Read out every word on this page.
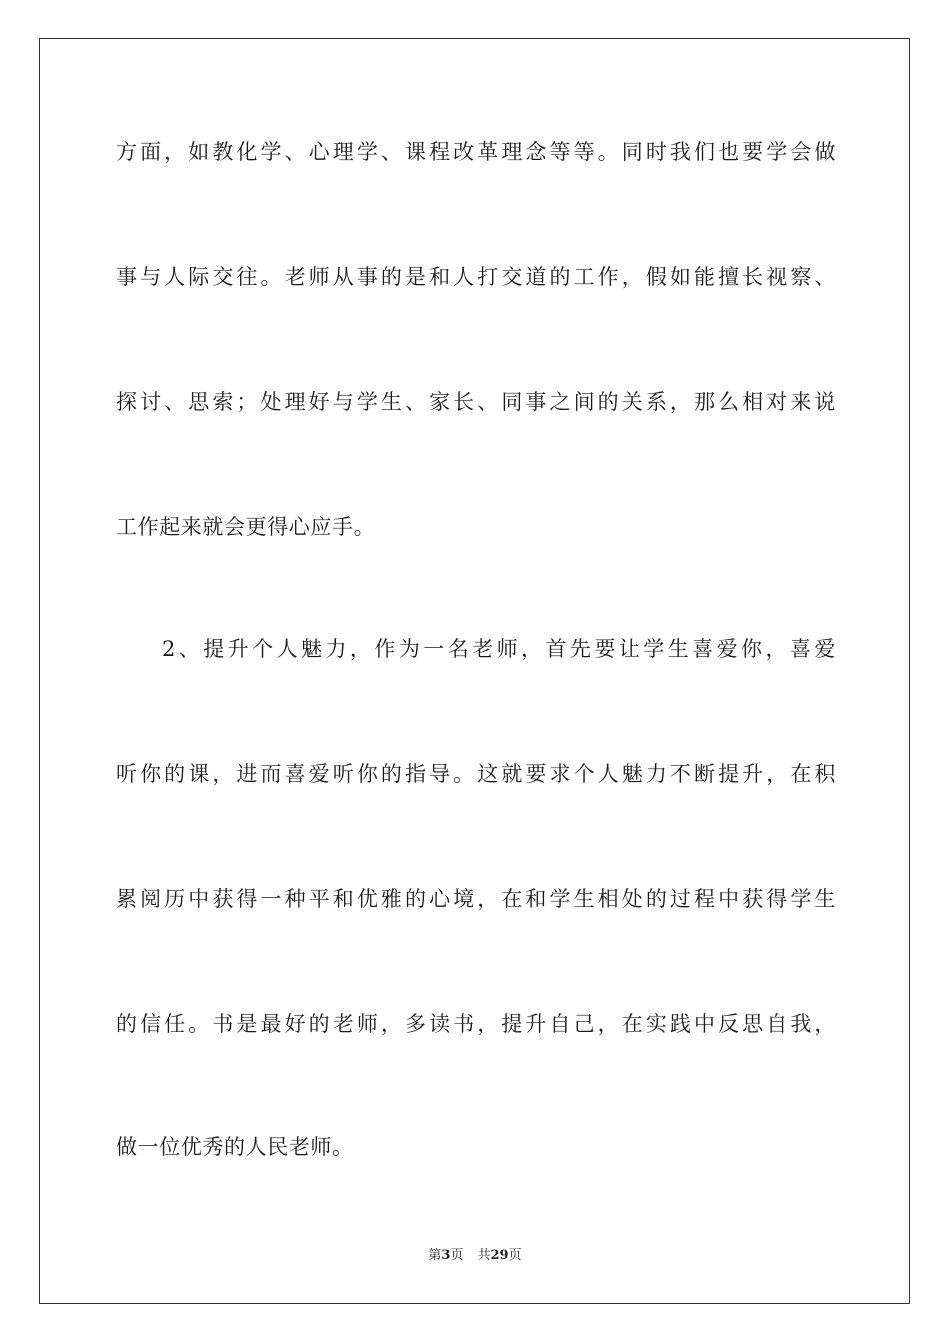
方面，如教化学、心理学、课程改革理念等等。同时我们也要学会做
事与人际交往。老师从事的是和人打交道的工作，假如能擅长视察、
探讨、思索；处理好与学生、家长、同事之间的关系，那么相对来说
工作起来就会更得心应手。
2、提升个人魅力，作为一名老师，首先要让学生喜爱你，喜爱
听你的课，进而喜爱听你的指导。这就要求个人魅力不断提升，在积
累阅历中获得一种平和优雅的心境，在和学生相处的过程中获得学生
的信任。书是最好的老师，多读书，提升自己，在实践中反思自我，
做一位优秀的人民老师。
第3页 共29页
